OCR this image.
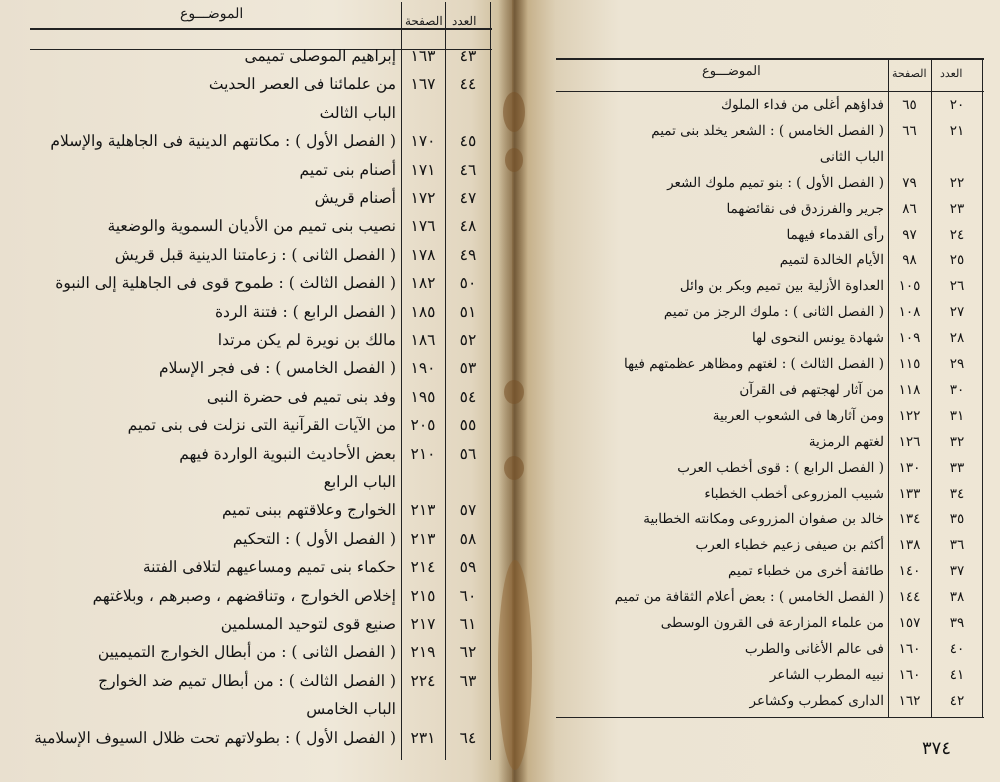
الموضـــوع	الصفحة العدد
٤٣
١٦٣
إبراهيم الموصلى تميمى
٤٤
١٦٧
من علمائنا فى العصر الحديث
الباب الثالث
٤٥
١٧٠
( الفصل الأول ) : مكانتهم الدينية فى الجاهلية والإسلام
٤٦
١٧١
أصنام بنى تميم
٤٧
١٧٢
أصنام قريش
٤٨
١٧٦
نصيب بنى تميم من الأديان السموية والوضعية
٤٩
١٧٨
( الفصل الثانى ) : زعامتنا الدينية قبل قريش
٥٠
١٨٢
( الفصل الثالث ) : طموح قوى فى الجاهلية إلى النبوة
٥١
١٨٥
( الفصل الرابع ) : فتنة الردة
٥٢
١٨٦
مالك بن نويرة لم يكن مرتدا
٥٣
١٩٠
( الفصل الخامس ) : فى فجر الإسلام
٥٤
١٩٥
وفد بنى تميم فى حضرة النبى
٥٥
٢٠٥
من الآيات القرآنية التى نزلت فى بنى تميم
٥٦
٢١٠
بعض الأحاديث النبوية الواردة فيهم
الباب الرابع
٥٧
٢١٣
الخوارج وعلاقتهم ببنى تميم
٥٨
٢١٣
( الفصل الأول ) : التحكيم
٥٩
٢١٤
حكماء بنى تميم ومساعيهم لتلافى الفتنة
٦٠
٢١٥
إخلاص الخوارج ، وتناقضهم ، وصبرهم ، وبلاغتهم
٦١
٢١٧
صنيع قوى لتوحيد المسلمين
٦٢
٢١٩
( الفصل الثانى ) : من أبطال الخوارج التميميين
٦٣
٢٢٤
( الفصل الثالث ) : من أبطال تميم ضد الخوارج
الباب الخامس
٦٤
٢٣١
( الفصل الأول ) : بطولاتهم تحت ظلال السيوف الإسلامية
الموضـــوع	الصفحة العدد
٢٠
٦٥
فداؤهم أغلى من فداء الملوك
٢١
٦٦
( الفصل الخامس ) : الشعر يخلد بنى تميم
الباب الثانى
٢٢
٧٩
( الفصل الأول ) : بنو تميم ملوك الشعر
٢٣
٨٦
جرير والفرزدق فى نقائضهما
٢٤
٩٧
رأى القدماء فيهما
٢٥
٩٨
الأيام الخالدة لتميم
٢٦
١٠٥
العداوة الأزلية بين تميم وبكر بن وائل
٢٧
١٠٨
( الفصل الثانى ) : ملوك الرجز من تميم
٢٨
١٠٩
شهادة يونس النحوى لها
٢٩
١١٥
( الفصل الثالث ) : لغتهم ومظاهر عظمتهم فيها
٣٠
١١٨
من آثار لهجتهم فى القرآن
٣١
١٢٢
ومن آثارها فى الشعوب العربية
٣٢
١٢٦
لغتهم الرمزية
٣٣
١٣٠
( الفصل الرابع ) : قوى أخطب العرب
٣٤
١٣٣
شبيب المزروعى أخطب الخطباء
٣٥
١٣٤
خالد بن صفوان المزروعى ومكانته الخطابية
٣٦
١٣٨
أكثم بن صيفى زعيم خطباء العرب
٣٧
١٤٠
طائفة أخرى من خطباء تميم
٣٨
١٤٤
( الفصل الخامس ) : بعض أعلام الثقافة من تميم
٣٩
١٥٧
من علماء المزارعة فى القرون الوسطى
٤٠
١٦٠
فى عالم الأغانى والطرب
٤١
١٦٠
نبيه المطرب الشاعر
٤٢
١٦٢
الدارى كمطرب وكشاعر
٣٧٤
